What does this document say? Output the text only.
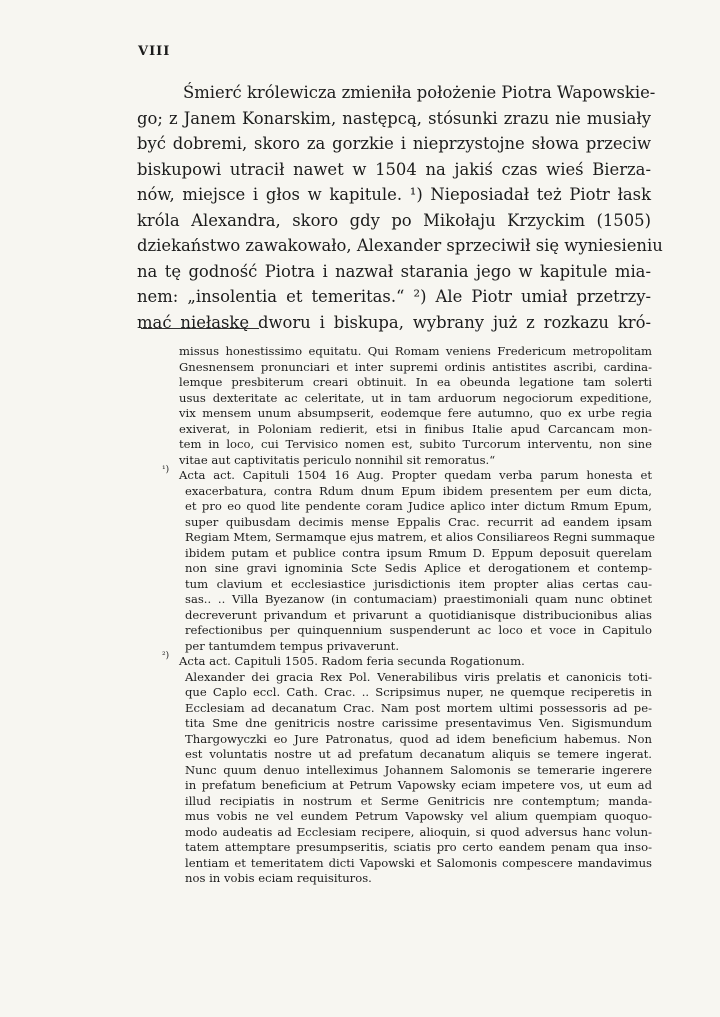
VIII
Śmierć królewicza zmieniła położenie Piotra Wapowskie-
go; z Janem Konarskim, następcą, stósunki zrazu nie musiały
być dobremi, skoro za gorzkie i nieprzystojne słowa przeciw
biskupowi utracił nawet w 1504 na jakiś czas wieś Bierza-
nów, miejsce i głos w kapitule. ¹) Nieposiadał też Piotr łask
króla Alexandra, skoro gdy po Mikołaju Krzyckim (1505)
dziekaństwo zawakowało, Alexander sprzeciwił się wyniesieniu
na tę godność Piotra i nazwał starania jego w kapitule mia-
nem: „insolentia et temeritas.“ ²) Ale Piotr umiał przetrzy-
mać niełaskę dworu i biskupa, wybrany już z rozkazu kró-
missus honestissimo equitatu. Qui Romam veniens Fredericum metropolitam
Gnesnensem pronunciari et inter supremi ordinis antistites ascribi, cardina-
lemque presbiterum creari obtinuit. In ea obeunda legatione tam solerti
usus dexteritate ac celeritate, ut in tam arduorum negociorum expeditione,
vix mensem unum absumpserit, eodemque fere autumno, quo ex urbe regia
exiverat, in Poloniam redierit, etsi in finibus Italie apud Carcancam mon-
tem in loco, cui Tervisico nomen est, subito Turcorum interventu, non sine
vitae aut captivitatis periculo nonnihil sit remoratus.“
¹) Acta act. Capituli 1504 16 Aug. Propter quedam verba parum honesta et
exacerbatura, contra Rdum dnum Epum ibidem presentem per eum dicta,
et pro eo quod lite pendente coram Judice aplico inter dictum Rmum Epum,
super quibusdam decimis mense Eppalis Crac. recurrit ad eandem ipsam
Regiam Mtem, Sermamque ejus matrem, et alios Consiliareos Regni summaque
ibidem putam et publice contra ipsum Rmum D. Eppum deposuit querelam
non sine gravi ignominia Scte Sedis Aplice et derogationem et contemp-
tum clavium et ecclesiastice jurisdictionis item propter alias certas cau-
sas.. .. Villa Byezanow (in contumaciam) praestimoniali quam nunc obtinet
decreverunt privandum et privarunt a quotidianisque distribucionibus alias
refectionibus per quinquennium suspenderunt ac loco et voce in Capitulo
per tantumdem tempus privaverunt.
²) Acta act. Capituli 1505. Radom feria secunda Rogationum.
Alexander dei gracia Rex Pol. Venerabilibus viris prelatis et canonicis toti-
que Caplo eccl. Cath. Crac. .. Scripsimus nuper, ne quemque reciperetis in
Ecclesiam ad decanatum Crac. Nam post mortem ultimi possessoris ad pe-
tita Sme dne genitricis nostre carissime presentavimus Ven. Sigismundum
Thargowyczki eo Jure Patronatus, quod ad idem beneficium habemus. Non
est voluntatis nostre ut ad prefatum decanatum aliquis se temere ingerat.
Nunc quum denuo intelleximus Johannem Salomonis se temerarie ingerere
in prefatum beneficium at Petrum Vapowsky eciam impetere vos, ut eum ad
illud recipiatis in nostrum et Serme Genitricis nre contemptum; manda-
mus vobis ne vel eundem Petrum Vapowsky vel alium quempiam quoquo-
modo audeatis ad Ecclesiam recipere, alioquin, si quod adversus hanc volun-
tatem attemptare presumpseritis, sciatis pro certo eandem penam qua inso-
lentiam et temeritatem dicti Vapowski et Salomonis compescere mandavimus
nos in vobis eciam requisituros.
